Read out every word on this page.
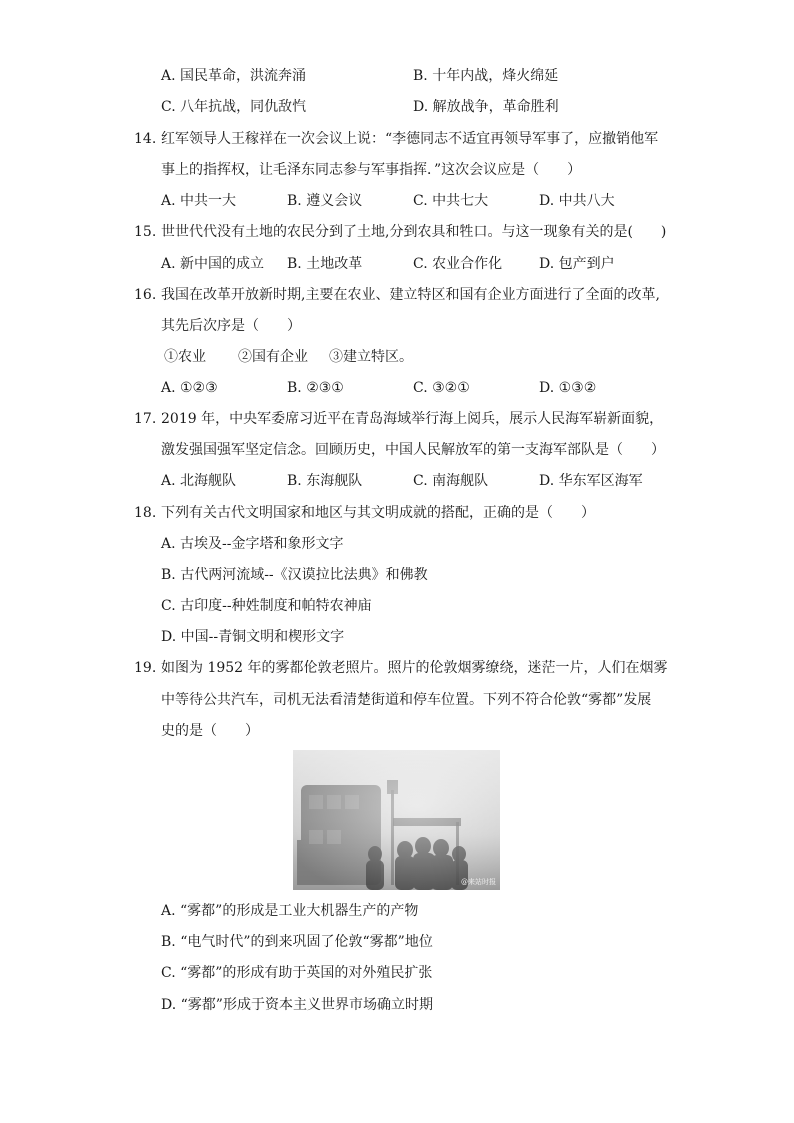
A. 国民革命，洪流奔涌	B. 十年内战，烽火绵延
C. 八年抗战，同仇敌忾	D. 解放战争，革命胜利
14. 红军领导人王稼祥在一次会议上说：“李德同志不适宜再领导军事了，应撤销他军
事上的指挥权，让毛泽东同志参与军事指挥．”这次会议应是（　　）
A. 中共一大	B. 遵义会议	C. 中共七大	D. 中共八大
15. 世世代代没有土地的农民分到了土地,分到农具和牲口。与这一现象有关的是(　　)
A. 新中国的成立 B. 土地改革	C. 农业合作化	D. 包产到户
16. 我国在改革开放新时期,主要在农业、建立特区和国有企业方面进行了全面的改革,
其先后次序是（　　）
①农业 ②国有企业 ③建立特区。
A. ①②③	B. ②③①	C. ③②①	D. ①③②
17. 2019 年，中央军委席习近平在青岛海域举行海上阅兵，展示人民海军崭新面貌，
激发强国强军坚定信念。回顾历史，中国人民解放军的第一支海军部队是（　　）
A. 北海舰队	B. 东海舰队	C. 南海舰队	D. 华东军区海军
18. 下列有关古代文明国家和地区与其文明成就的搭配，正确的是（　　）
A. 古埃及--金字塔和象形文字
B. 古代两河流域--《汉谟拉比法典》和佛教
C. 古印度--种姓制度和帕特农神庙
D. 中国--青铜文明和楔形文字
19. 如图为 1952 年的雾都伦敦老照片。照片的伦敦烟雾缭绕，迷茫一片，人们在烟雾
中等待公共汽车，司机无法看清楚街道和停车位置。下列不符合伦敦“雾都”发展
史的是（　　）
@来站时报
A. “雾都”的形成是工业大机器生产的产物
B. “电气时代”的到来巩固了伦敦“雾都”地位
C. “雾都”的形成有助于英国的对外殖民扩张
D. “雾都”形成于资本主义世界市场确立时期
